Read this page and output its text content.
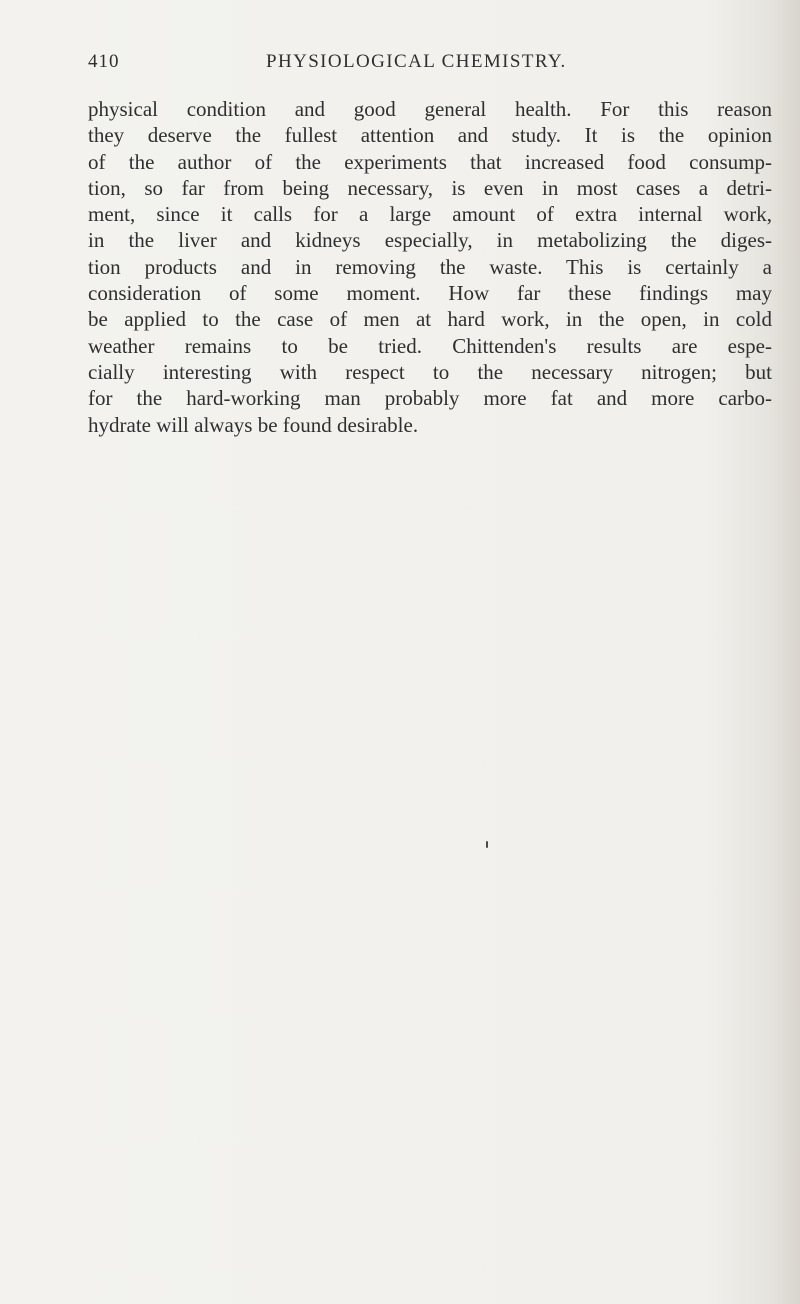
410	PHYSIOLOGICAL CHEMISTRY.
physical condition and good general health. For this reason
they deserve the fullest attention and study. It is the opinion
of the author of the experiments that increased food consump-
tion, so far from being necessary, is even in most cases a detri-
ment, since it calls for a large amount of extra internal work,
in the liver and kidneys especially, in metabolizing the diges-
tion products and in removing the waste. This is certainly a
consideration of some moment. How far these findings may
be applied to the case of men at hard work, in the open, in cold
weather remains to be tried. Chittenden's results are espe-
cially interesting with respect to the necessary nitrogen; but
for the hard-working man probably more fat and more carbo-
hydrate will always be found desirable.
